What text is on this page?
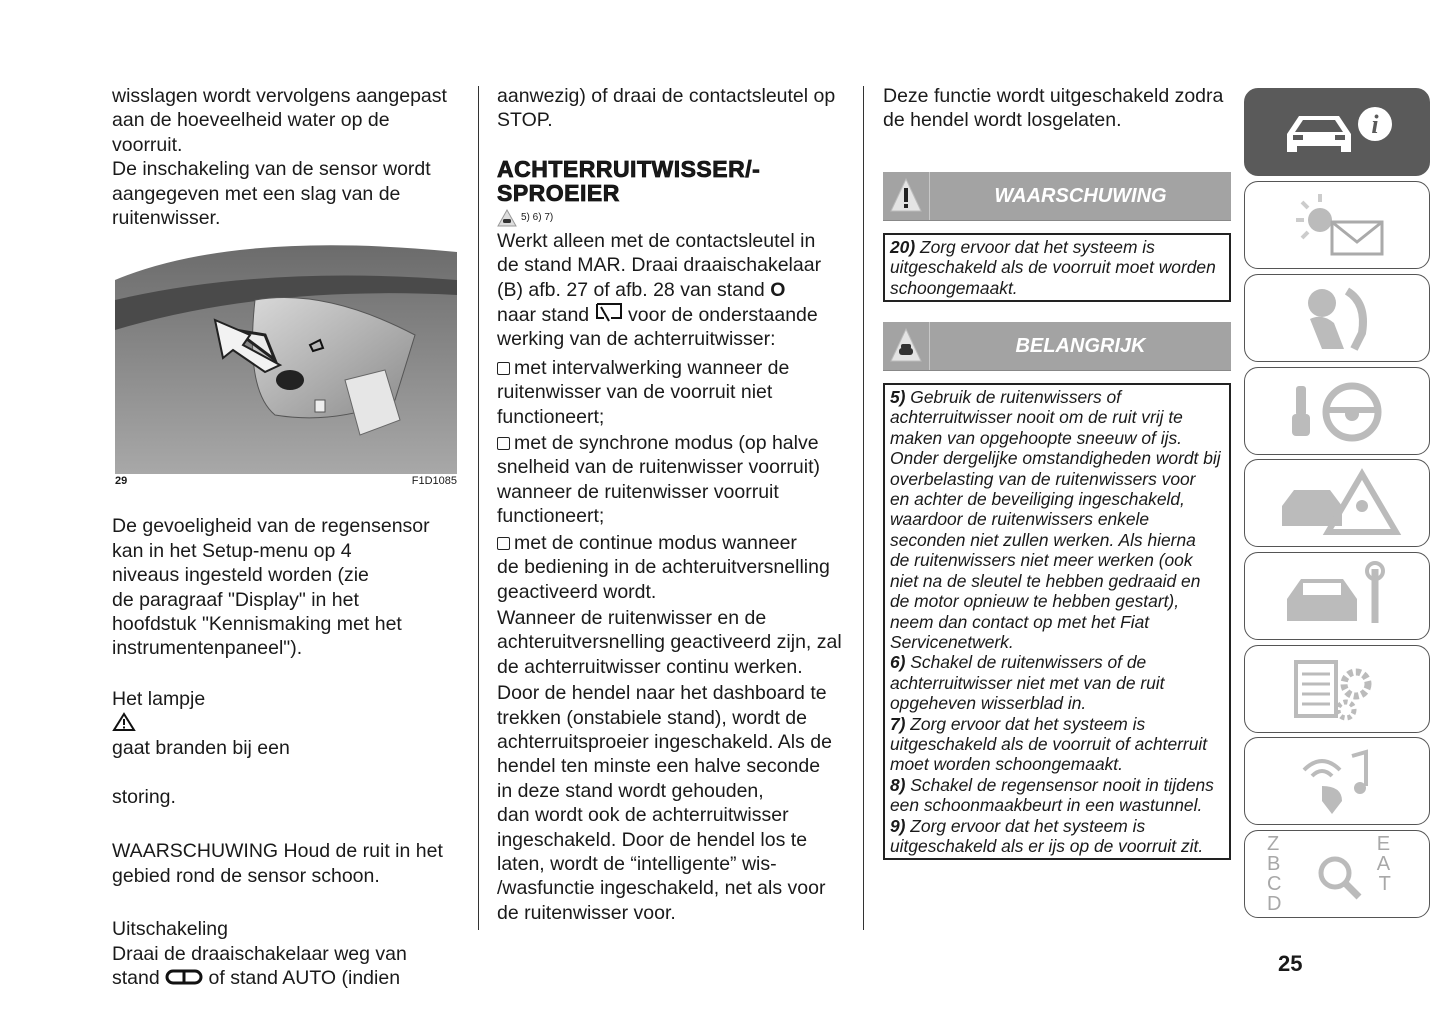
wisslagen wordt vervolgens aangepast
aan de hoeveelheid water op de
voorruit.
De inschakeling van de sensor wordt
aangegeven met een slag van de
ruitenwisser.

29	F1D1085

De gevoeligheid van de regensensor
kan in het Setup-menu op 4
niveaus ingesteld worden (zie
de paragraaf "Display" in het
hoofdstuk "Kennismaking met het
instrumentenpaneel").

Het lampje

gaat branden bij een

storing.

WAARSCHUWING Houd de ruit in het
gebied rond de sensor schoon.

Uitschakeling

Draai de draaischakelaar weg van
stand	of stand AUTO (indien

aanwezig) of draai de contactsleutel op
STOP.

ACHTERRUITWISSER/-
SPROEIER
5) 6) 7)

Werkt alleen met de contactsleutel in
de stand MAR. Draai draaischakelaar
(B) afb. 27 of afb. 28 van stand O
naar stand voor de onderstaande
werking van de achterruitwisser:

met intervalwerking wanneer de
ruitenwisser van de voorruit niet
functioneert;

met de synchrone modus (op halve
snelheid van de ruitenwisser voorruit)
wanneer de ruitenwisser voorruit
functioneert;

met de continue modus wanneer
de bediening in de achteruitversnelling
geactiveerd wordt.

Wanneer de ruitenwisser en de
achteruitversnelling geactiveerd zijn, zal
de achterruitwisser continu werken.

Door de hendel naar het dashboard te
trekken (onstabiele stand), wordt de
achterruitsproeier ingeschakeld. Als de
hendel ten minste een halve seconde
in deze stand wordt gehouden,
dan wordt ook de achterruitwisser
ingeschakeld. Door de hendel los te
laten, wordt de “intelligente” wis-
/wasfunctie ingeschakeld, net als voor
de ruitenwisser voor.

Deze functie wordt uitgeschakeld zodra
de hendel wordt losgelaten.

WAARSCHUWING

20) Zorg ervoor dat het systeem is
uitgeschakeld als de voorruit moet worden
schoongemaakt.

BELANGRIJK

5) Gebruik de ruitenwissers of
achterruitwisser nooit om de ruit vrij te
maken van opgehoopte sneeuw of ijs.
Onder dergelijke omstandigheden wordt bij
overbelasting van de ruitenwissers voor
en achter de beveiliging ingeschakeld,
waardoor de ruitenwissers enkele
seconden niet zullen werken. Als hierna
de ruitenwissers niet meer werken (ook
niet na de sleutel te hebben gedraaid en
de motor opnieuw te hebben gestart),
neem dan contact op met het Fiat
Servicenetwerk.

6) Schakel de ruitenwissers of de
achterruitwisser niet met van de ruit
opgeheven wisserblad in.

7) Zorg ervoor dat het systeem is
uitgeschakeld als de voorruit of achterruit
moet worden schoongemaakt.

8) Schakel de regensensor nooit in tijdens
een schoonmaakbeurt in een wastunnel.

9) Zorg ervoor dat het systeem is
uitgeschakeld als er ijs op de voorruit zit.

i
Z E B A C T D
25
